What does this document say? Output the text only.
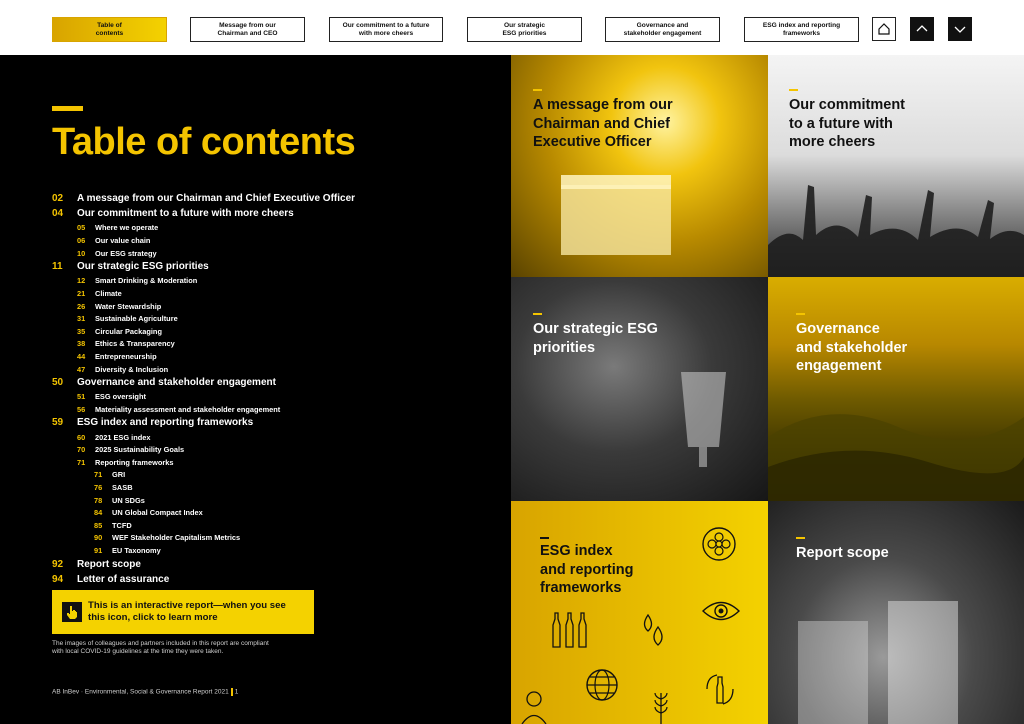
Table of contents
Message from our Chairman and CEO
Our commitment to a future with more cheers
Our strategic ESG priorities
Governance and stakeholder engagement
ESG index and reporting frameworks
Table of contents
02	A message from our Chairman and Chief Executive Officer
04	Our commitment to a future with more cheers
05	Where we operate
06	Our value chain
10	Our ESG strategy
11	Our strategic ESG priorities
12	Smart Drinking & Moderation
21	Climate
26	Water Stewardship
31	Sustainable Agriculture
35	Circular Packaging
38	Ethics & Transparency
44	Entrepreneurship
47	Diversity & Inclusion
50	Governance and stakeholder engagement
51	ESG oversight
56	Materiality assessment and stakeholder engagement
59	ESG index and reporting frameworks
60	2021 ESG index
70	2025 Sustainability Goals
71	Reporting frameworks
71	GRI
76	SASB
78	UN SDGs
84	UN Global Compact Index
85	TCFD
90	WEF Stakeholder Capitalism Metrics
91	EU Taxonomy
92	Report scope
94	Letter of assurance
This is an interactive report—when you see
this icon, click to learn more
The images of colleagues and partners included in this report are compliant
with local COVID-19 guidelines at the time they were taken.
AB InBev · Environmental, Social & Governance Report 2021 1
A message from our
Chairman and Chief
Executive Officer
Our commitment
to a future with
more cheers
Our strategic ESG
priorities
Governance
and stakeholder
engagement
ESG index
and reporting
frameworks
Report scope
